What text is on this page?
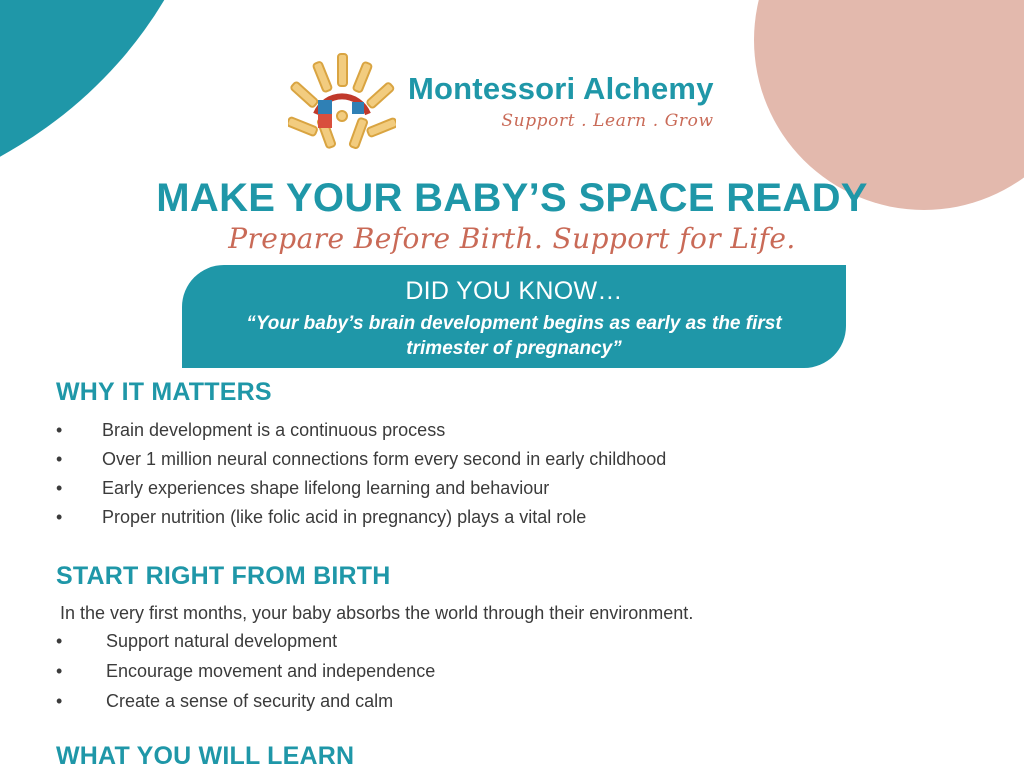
Montessori Alchemy
Support . Learn . Grow
MAKE YOUR BABY’S SPACE READY
Prepare Before Birth. Support for Life.
DID YOU KNOW…
“Your baby’s brain development begins as early as the first trimester of pregnancy”
WHY IT MATTERS
•	Brain development is a continuous process
•	Over 1 million neural connections form every second in early childhood
•	Early experiences shape lifelong learning and behaviour
•	Proper nutrition (like folic acid in pregnancy) plays a vital role
START RIGHT FROM BIRTH
In the very first months, your baby absorbs the world through their environment.
•	Support natural development
•	Encourage movement and independence
•	Create a sense of security and calm
WHAT YOU WILL LEARN
